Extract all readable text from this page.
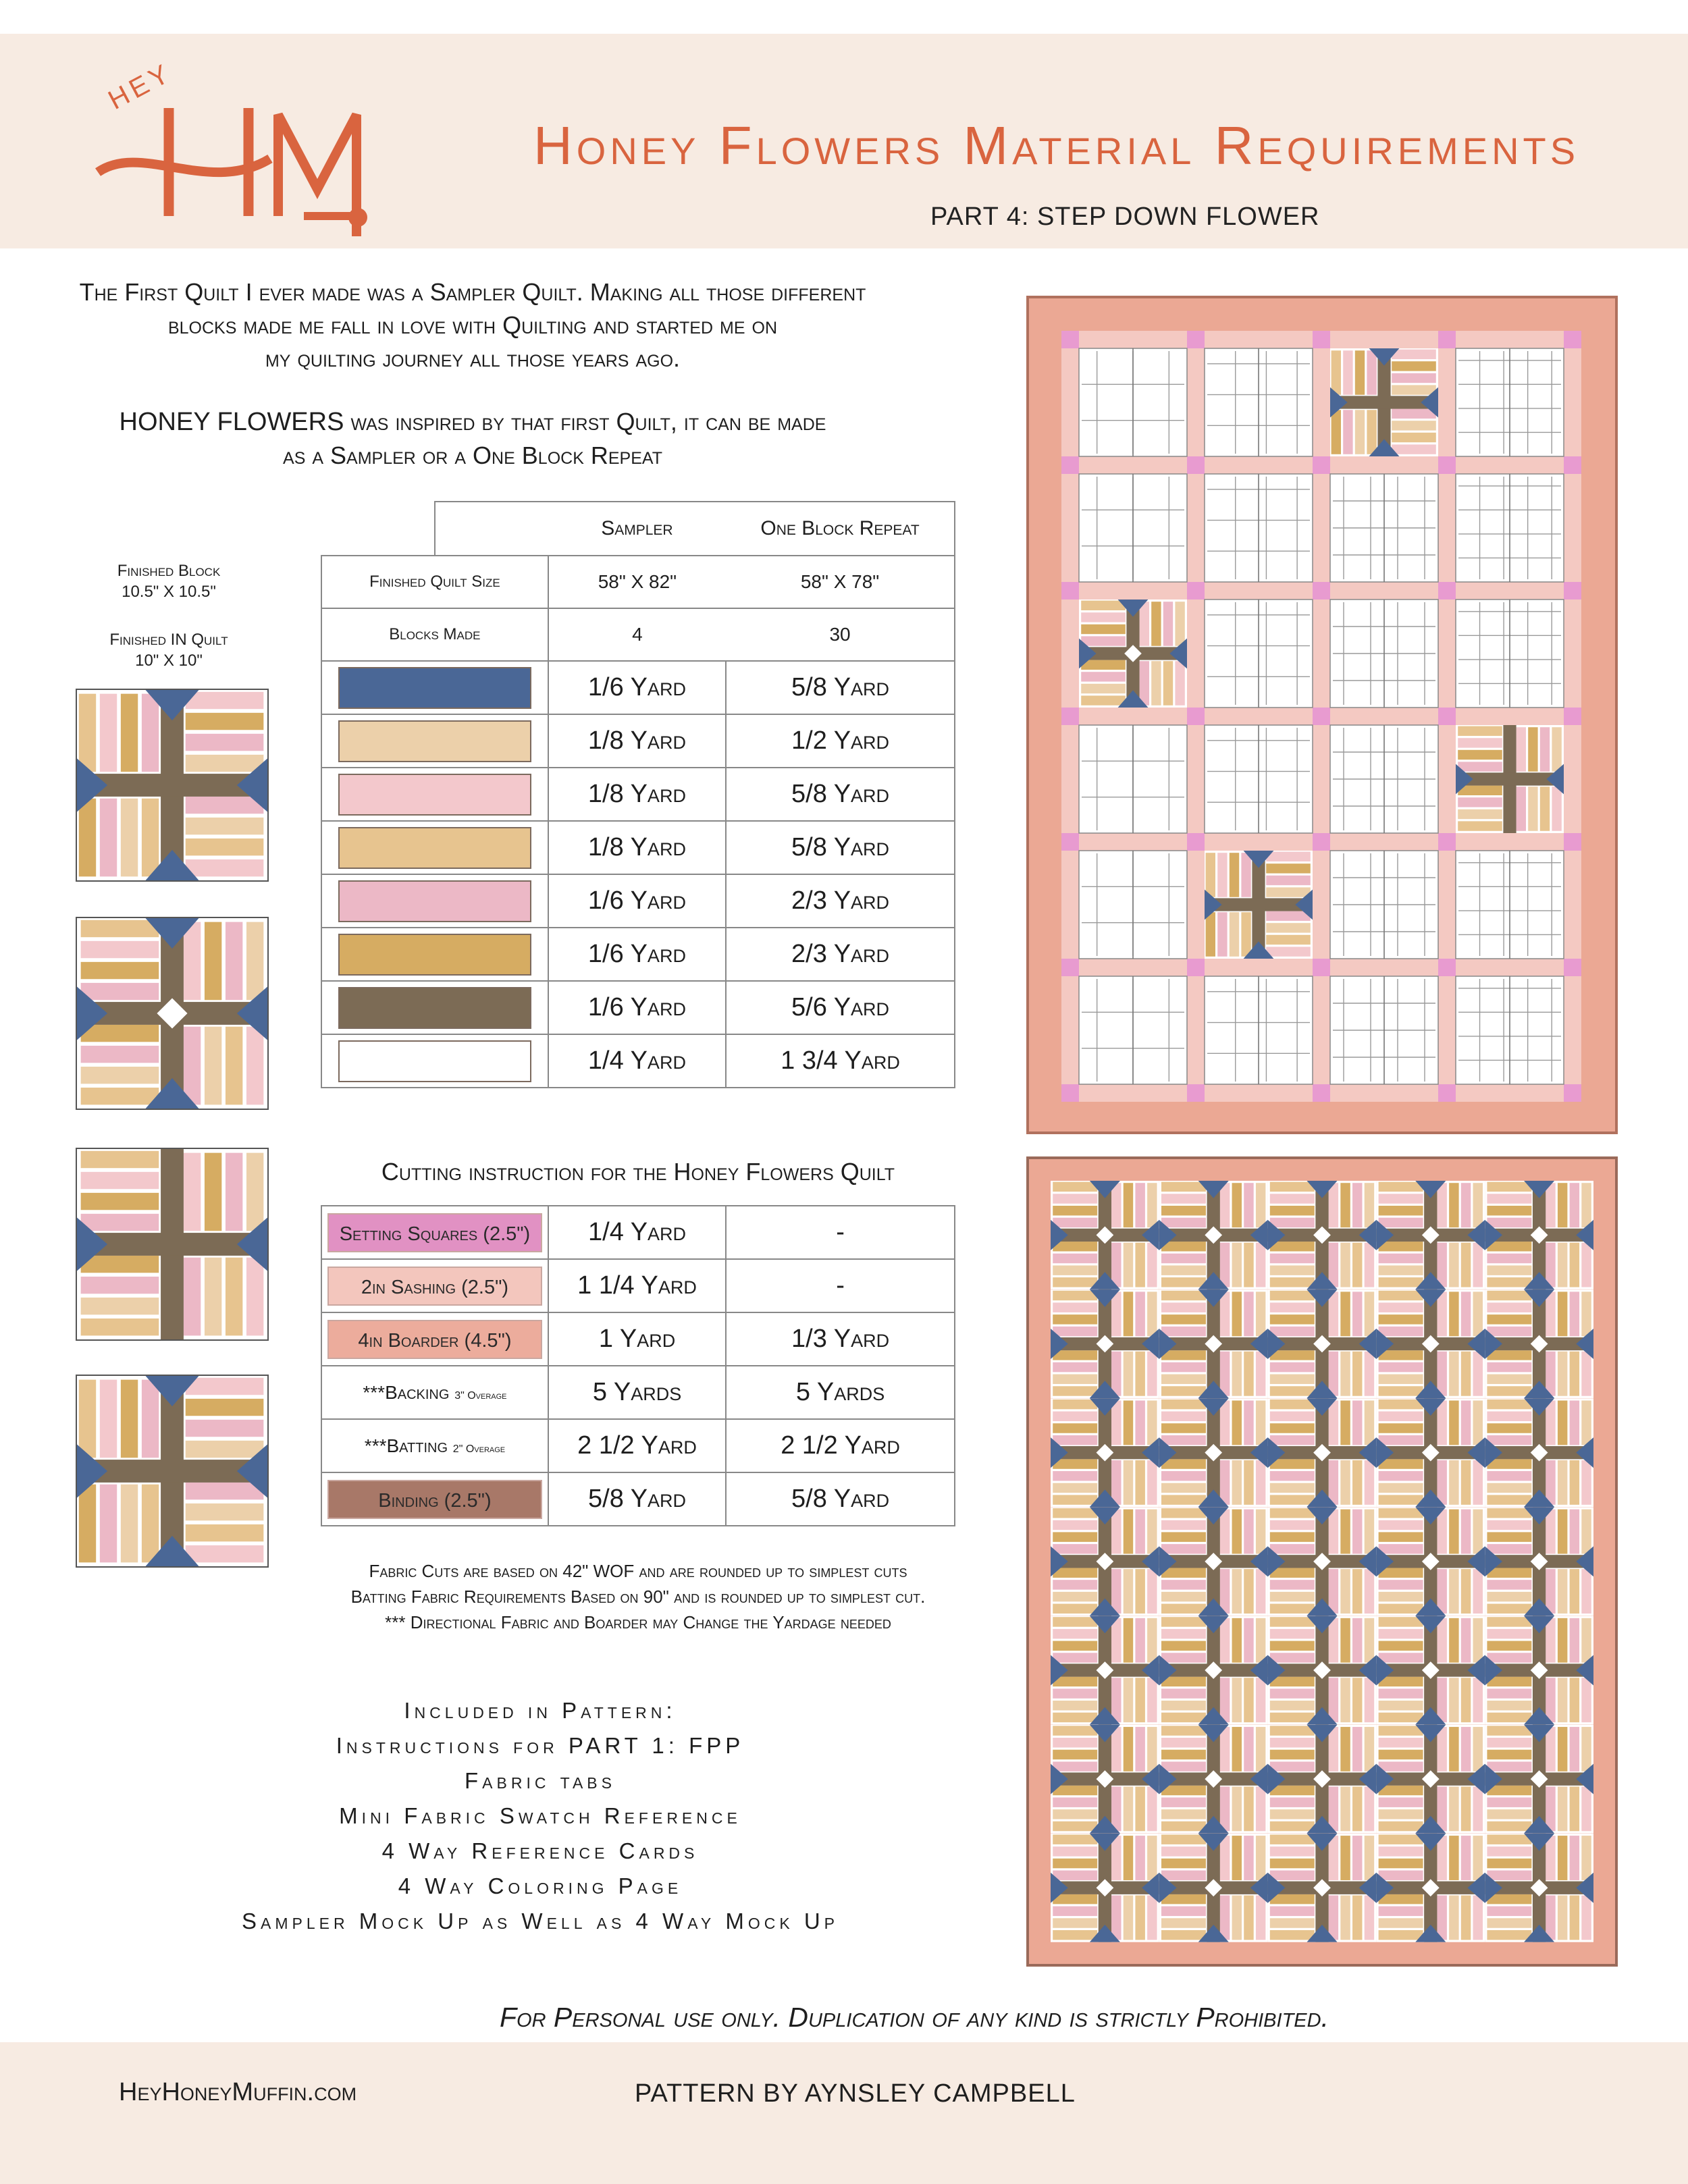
HEY
Honey Flowers Material Requirements
PART 4: STEP DOWN FLOWER
The First Quilt I ever made was a Sampler Quilt. Making all those different
blocks made me fall in love with Quilting and started me on
my quilting journey all those years ago.
HONEY FLOWERS was inspired by that first Quilt, it can be made
as a Sampler or a One Block Repeat
Finished Block
10.5" X 10.5"
Finished IN Quilt
10" X 10"
		Sampler	One Block Repeat
Finished Quilt Size		58" X 82"	58" X 78"
Blocks Made		4	30

		1/6 Yard	5/8 Yard

		1/8 Yard	1/2 Yard

		1/8 Yard	5/8 Yard

		1/8 Yard	5/8 Yard

		1/6 Yard	2/3 Yard

		1/6 Yard	2/3 Yard

		1/6 Yard	5/6 Yard

		1/4 Yard	1 3/4 Yard
Cutting instruction for the Honey Flowers Quilt
Setting Squares (2.5")	1/4 Yard	-

2in Sashing (2.5")	1 1/4 Yard	-

4in Boarder (4.5")	1 Yard	1/3 Yard
***Backing 3" Overage	5 Yards	5 Yards
***Batting 2" Overage	2 1/2 Yard	2 1/2 Yard

Binding (2.5")	5/8 Yard	5/8 Yard
Fabric Cuts are based on 42" WOF and are rounded up to simplest cuts
Batting Fabric Requirements Based on 90" and is rounded up to simplest cut.
*** Directional Fabric and Boarder may Change the Yardage needed
Included in Pattern:
Instructions for PART 1: FPP
Fabric tabs
Mini Fabric Swatch Reference
4 Way Reference Cards
4 Way Coloring Page
Sampler Mock Up as Well as 4 Way Mock Up
For Personal use only. Duplication of any kind is strictly Prohibited.
HeyHoneyMuffin.com	PATTERN BY AYNSLEY CAMPBELL
